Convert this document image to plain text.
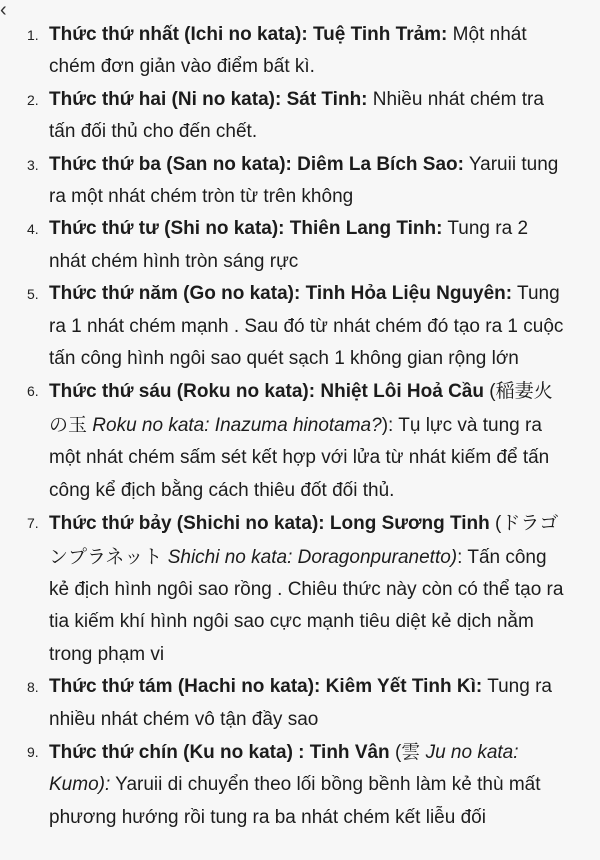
‹
1. Thức thứ nhất (Ichi no kata): Tuệ Tinh Trảm: Một nhát chém đơn giản vào điểm bất kì.
2. Thức thứ hai (Ni no kata): Sát Tinh: Nhiều nhát chém tra tấn đối thủ cho đến chết.
3. Thức thứ ba (San no kata): Diêm La Bích Sao: Yaruii tung ra một nhát chém tròn từ trên không
4. Thức thứ tư (Shi no kata): Thiên Lang Tinh: Tung ra 2 nhát chém hình tròn sáng rực
5. Thức thứ năm (Go no kata): Tinh Hỏa Liệu Nguyên: Tung ra 1 nhát chém mạnh . Sau đó từ nhát chém đó tạo ra 1 cuộc tấn công hình ngôi sao quét sạch 1 không gian rộng lớn
6. Thức thứ sáu (Roku no kata): Nhiệt Lôi Hoả Cầu (稲妻火の玉 Roku no kata: Inazuma hinotama?): Tụ lực và tung ra một nhát chém sấm sét kết hợp với lửa từ nhát kiếm để tấn công kể địch bằng cách thiêu đốt đối thủ.
7. Thức thứ bảy (Shichi no kata): Long Sương Tinh (ドラゴンプラネット Shichi no kata: Doragonpuranetto): Tấn công kẻ địch hình ngôi sao rồng . Chiêu thức này còn có thể tạo ra tia kiếm khí hình ngôi sao cực mạnh tiêu diệt kẻ dịch nằm trong phạm vi
8. Thức thứ tám (Hachi no kata): Kiêm Yết Tinh Kì: Tung ra nhiều nhát chém vô tận đầy sao
9. Thức thứ chín (Ku no kata) : Tinh Vân (雲 Ju no kata: Kumo): Yaruii di chuyển theo lối bồng bềnh làm kẻ thù mất phương hướng rồi tung ra ba nhát chém kết liễu đối
